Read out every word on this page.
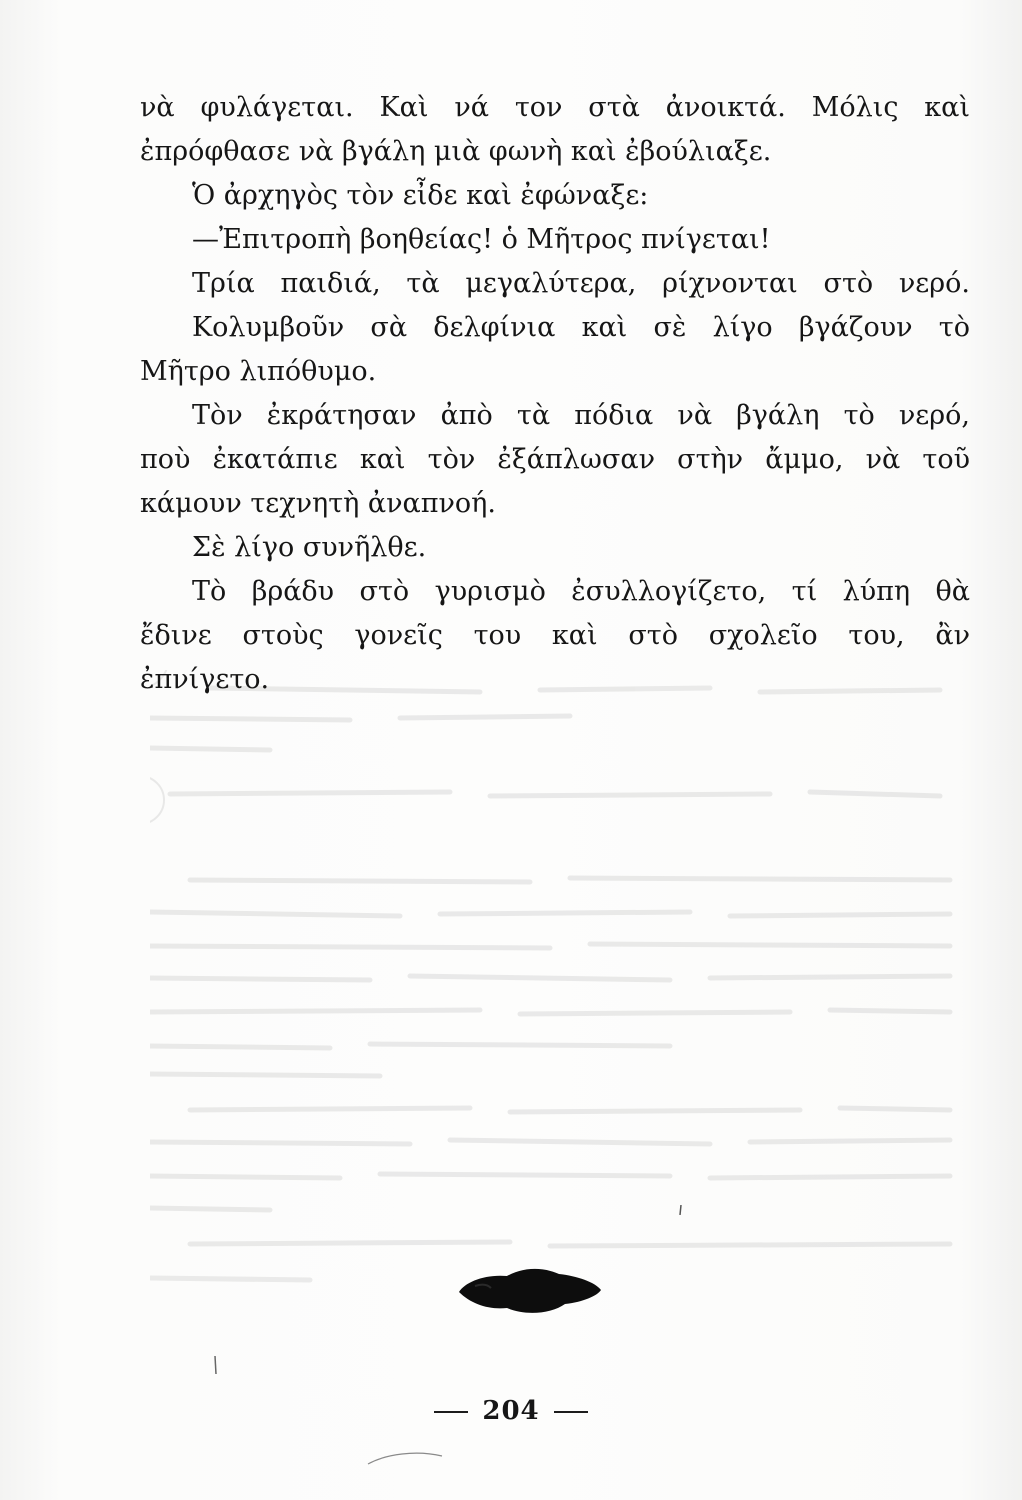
νὰ φυλάγεται. Καὶ νά τον στὰ ἀνοικτά. Μόλις καὶ
ἐπρόφθασε νὰ βγάλη μιὰ φωνὴ καὶ ἐβούλιαξε.
Ὁ ἀρχηγὸς τὸν εἶδε καὶ ἐφώναξε:
—Ἐπιτροπὴ βοηθείας! ὁ Μῆτρος πνίγεται!
Τρία παιδιά, τὰ μεγαλύτερα, ρίχνονται στὸ νερό.
Κολυμβοῦν σὰ δελφίνια καὶ σὲ λίγο βγάζουν τὸ
Μῆτρο λιπόθυμο.
Τὸν ἐκράτησαν ἀπὸ τὰ πόδια νὰ βγάλη τὸ νερό,
ποὺ ἐκατάπιε καὶ τὸν ἐξάπλωσαν στὴν ἄμμο, νὰ τοῦ
κάμουν τεχνητὴ ἀναπνοή.
Σὲ λίγο συνῆλθε.
Τὸ βράδυ στὸ γυρισμὸ ἐσυλλογίζετο, τί λύπη θὰ
ἔδινε στοὺς γονεῖς του καὶ στὸ σχολεῖο του, ἂν
ἐπνίγετο.
204
